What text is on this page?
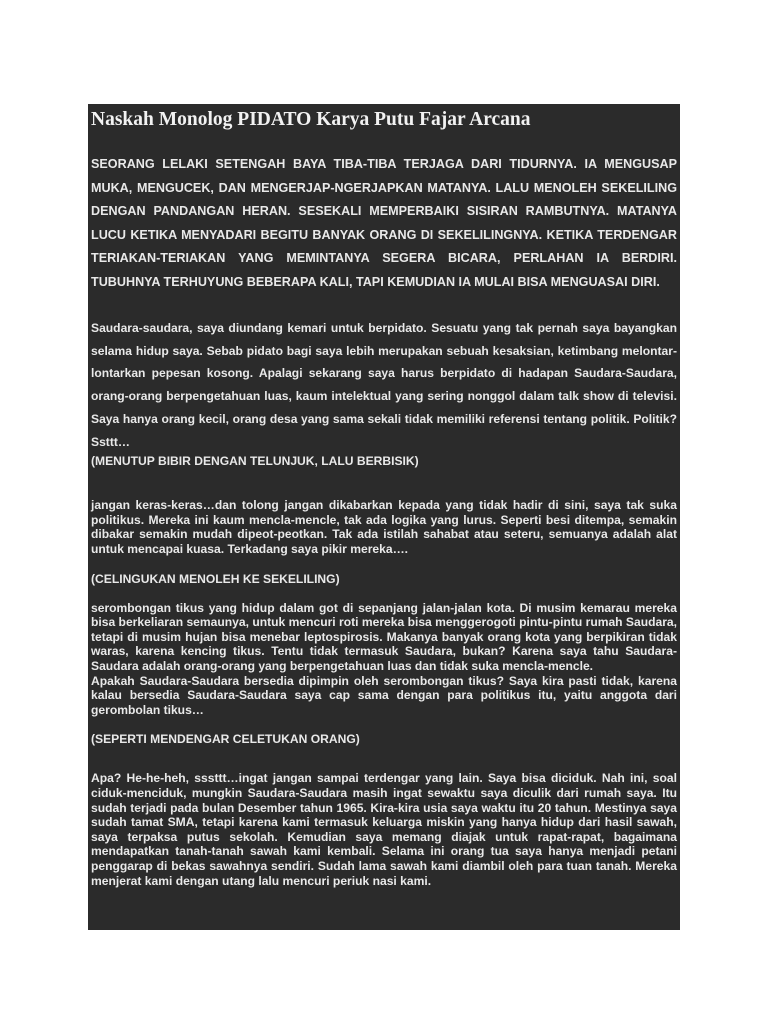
Naskah Monolog PIDATO Karya Putu Fajar Arcana

SEORANG LELAKI SETENGAH BAYA TIBA-TIBA TERJAGA DARI TIDURNYA. IA MENGUSAP MUKA, MENGUCEK, DAN MENGERJAP-NGERJAPKAN MATANYA. LALU MENOLEH SEKELILING DENGAN PANDANGAN HERAN. SESEKALI MEMPERBAIKI SISIRAN RAMBUTNYA. MATANYA LUCU KETIKA MENYADARI BEGITU BANYAK ORANG DI SEKELILINGNYA. KETIKA TERDENGAR TERIAKAN-TERIAKAN YANG MEMINTANYA SEGERA BICARA, PERLAHAN IA BERDIRI. TUBUHNYA TERHUYUNG BEBERAPA KALI, TAPI KEMUDIAN IA MULAI BISA MENGUASAI DIRI.

Saudara-saudara, saya diundang kemari untuk berpidato. Sesuatu yang tak pernah saya bayangkan selama hidup saya. Sebab pidato bagi saya lebih merupakan sebuah kesaksian, ketimbang melontar-lontarkan pepesan kosong. Apalagi sekarang saya harus berpidato di hadapan Saudara-Saudara, orang-orang berpengetahuan luas, kaum intelektual yang sering nonggol dalam talk show di televisi. Saya hanya orang kecil, orang desa yang sama sekali tidak memiliki referensi tentang politik. Politik? Ssttt…

(MENUTUP BIBIR DENGAN TELUNJUK, LALU BERBISIK)

jangan keras-keras…dan tolong jangan dikabarkan kepada yang tidak hadir di sini, saya tak suka politikus. Mereka ini kaum mencla-mencle, tak ada logika yang lurus. Seperti besi ditempa, semakin dibakar semakin mudah dipeot-peotkan. Tak ada istilah sahabat atau seteru, semuanya adalah alat untuk mencapai kuasa. Terkadang saya pikir mereka….

(CELINGUKAN MENOLEH KE SEKELILING)

serombongan tikus yang hidup dalam got di sepanjang jalan-jalan kota. Di musim kemarau mereka bisa berkeliaran semaunya, untuk mencuri roti mereka bisa menggerogoti pintu-pintu rumah Saudara, tetapi di musim hujan bisa menebar leptospirosis. Makanya banyak orang kota yang berpikiran tidak waras, karena kencing tikus. Tentu tidak termasuk Saudara, bukan? Karena saya tahu Saudara-Saudara adalah orang-orang yang berpengetahuan luas dan tidak suka mencla-mencle.

Apakah Saudara-Saudara bersedia dipimpin oleh serombongan tikus? Saya kira pasti tidak, karena kalau bersedia Saudara-Saudara saya cap sama dengan para politikus itu, yaitu anggota dari gerombolan tikus…

(SEPERTI MENDENGAR CELETUKAN ORANG)

Apa? He-he-heh, sssttt…ingat jangan sampai terdengar yang lain. Saya bisa diciduk. Nah ini, soal ciduk-menciduk, mungkin Saudara-Saudara masih ingat sewaktu saya diculik dari rumah saya. Itu sudah terjadi pada bulan Desember tahun 1965. Kira-kira usia saya waktu itu 20 tahun. Mestinya saya sudah tamat SMA, tetapi karena kami termasuk keluarga miskin yang hanya hidup dari hasil sawah, saya terpaksa putus sekolah. Kemudian saya memang diajak untuk rapat-rapat, bagaimana mendapatkan tanah-tanah sawah kami kembali. Selama ini orang tua saya hanya menjadi petani penggarap di bekas sawahnya sendiri. Sudah lama sawah kami diambil oleh para tuan tanah. Mereka menjerat kami dengan utang lalu mencuri periuk nasi kami.
